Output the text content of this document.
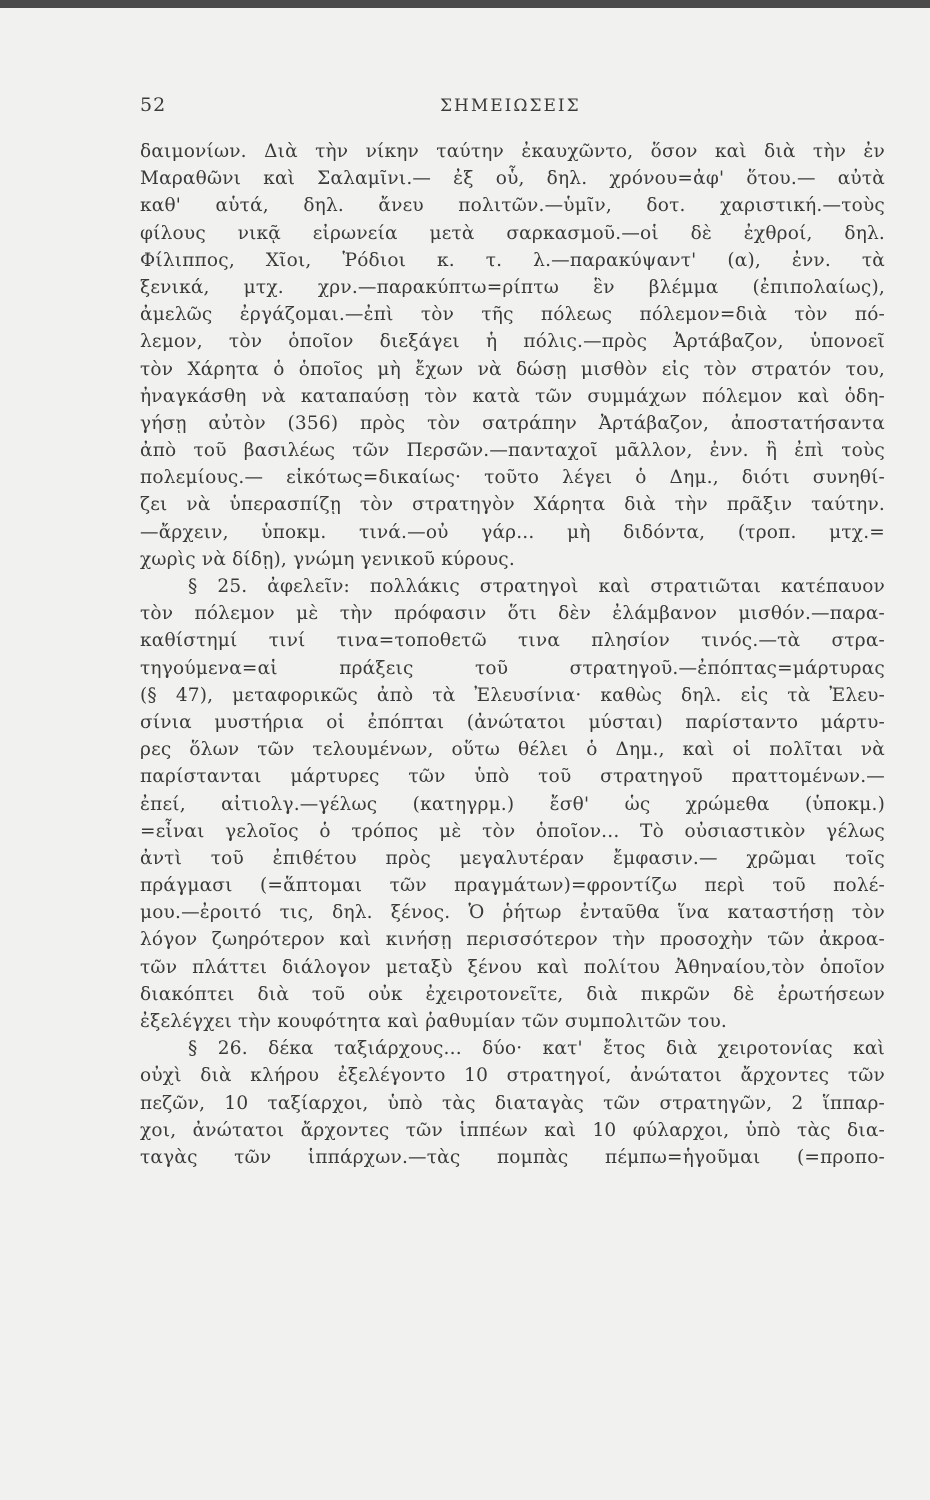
52	ΣΗΜΕΙΩΣΕΙΣ
δαιμονίων. Διὰ τὴν νίκην ταύτην ἐκαυχῶντο, ὅσον καὶ διὰ τὴν ἐν
Μαραθῶνι καὶ Σαλαμῖνι.— ἐξ οὗ, δηλ. χρόνου=ἀφ' ὅτου.— αὐτὰ
καθ' αὑτά, δηλ. ἄνευ πολιτῶν.—ὑμῖν, δοτ. χαριστική.—τοὺς
φίλους νικᾷ εἰρωνεία μετὰ σαρκασμοῦ.—οἱ δὲ ἐχθροί, δηλ.
Φίλιππος, Χῖοι, Ῥόδιοι κ. τ. λ.—παρακύψαντ' (α), ἐνν. τὰ
ξενικά, μτχ. χρν.—παρακύπτω=ρίπτω ἓν βλέμμα (ἐπιπολαίως),
ἀμελῶς ἐργάζομαι.—ἐπὶ τὸν τῆς πόλεως πόλεμον=διὰ τὸν πό-
λεμον, τὸν ὁποῖον διεξάγει ἡ πόλις.—πρὸς Ἀρτάβαζον, ὑπονοεῖ
τὸν Χάρητα ὁ ὁποῖος μὴ ἔχων νὰ δώσῃ μισθὸν εἰς τὸν στρατόν του,
ἠναγκάσθη νὰ καταπαύσῃ τὸν κατὰ τῶν συμμάχων πόλεμον καὶ ὁδη-
γήσῃ αὐτὸν (356) πρὸς τὸν σατράπην Ἀρτάβαζον, ἀποστατήσαντα
ἀπὸ τοῦ βασιλέως τῶν Περσῶν.—πανταχοῖ μᾶλλον, ἐνν. ἢ ἐπὶ τοὺς
πολεμίους.— εἰκότως=δικαίως· τοῦτο λέγει ὁ Δημ., διότι συνηθί-
ζει νὰ ὑπερασπίζῃ τὸν στρατηγὸν Χάρητα διὰ τὴν πρᾶξιν ταύτην.
—ἄρχειν, ὑποκμ. τινά.—οὐ γάρ... μὴ διδόντα, (τροπ. μτχ.=
χωρὶς νὰ δίδῃ), γνώμη γενικοῦ κύρους.
§ 25. ἀφελεῖν: πολλάκις στρατηγοὶ καὶ στρατιῶται κατέπαυον
τὸν πόλεμον μὲ τὴν πρόφασιν ὅτι δὲν ἐλάμβανον μισθόν.—παρα-
καθίστημί τινί τινα=τοποθετῶ τινα πλησίον τινός.—τὰ στρα-
τηγούμενα=αἱ πράξεις τοῦ στρατηγοῦ.—ἐπόπτας=μάρτυρας
(§ 47), μεταφορικῶς ἀπὸ τὰ Ἐλευσίνια· καθὼς δηλ. εἰς τὰ Ἐλευ-
σίνια μυστήρια οἱ ἐπόπται (ἀνώτατοι μύσται) παρίσταντο μάρτυ-
ρες ὅλων τῶν τελουμένων, οὕτω θέλει ὁ Δημ., καὶ οἱ πολῖται νὰ
παρίστανται μάρτυρες τῶν ὑπὸ τοῦ στρατηγοῦ πραττομένων.—
ἐπεί, αἰτιολγ.—γέλως (κατηγρμ.) ἔσθ' ὡς χρώμεθα (ὑποκμ.)
=εἶναι γελοῖος ὁ τρόπος μὲ τὸν ὁποῖον... Τὸ οὐσιαστικὸν γέλως
ἀντὶ τοῦ ἐπιθέτου πρὸς μεγαλυτέραν ἔμφασιν.— χρῶμαι τοῖς
πράγμασι (=ἅπτομαι τῶν πραγμάτων)=φροντίζω περὶ τοῦ πολέ-
μου.—ἐροιτό τις, δηλ. ξένος. Ὁ ῥήτωρ ἐνταῦθα ἵνα καταστήσῃ τὸν
λόγον ζωηρότερον καὶ κινήσῃ περισσότερον τὴν προσοχὴν τῶν ἀκροα-
τῶν πλάττει διάλογον μεταξὺ ξένου καὶ πολίτου Ἀθηναίου,τὸν ὁποῖον
διακόπτει διὰ τοῦ οὐκ ἐχειροτονεῖτε, διὰ πικρῶν δὲ ἐρωτήσεων
ἐξελέγχει τὴν κουφότητα καὶ ῥαθυμίαν τῶν συμπολιτῶν του.
§ 26. δέκα ταξιάρχους... δύο· κατ' ἔτος διὰ χειροτονίας καὶ
οὐχὶ διὰ κλήρου ἐξελέγοντο 10 στρατηγοί, ἀνώτατοι ἄρχοντες τῶν
πεζῶν, 10 ταξίαρχοι, ὑπὸ τὰς διαταγὰς τῶν στρατηγῶν, 2 ἵππαρ-
χοι, ἀνώτατοι ἄρχοντες τῶν ἱππέων καὶ 10 φύλαρχοι, ὑπὸ τὰς δια-
ταγὰς τῶν ἱππάρχων.—τὰς πομπὰς πέμπω=ἡγοῦμαι (=προπο-
